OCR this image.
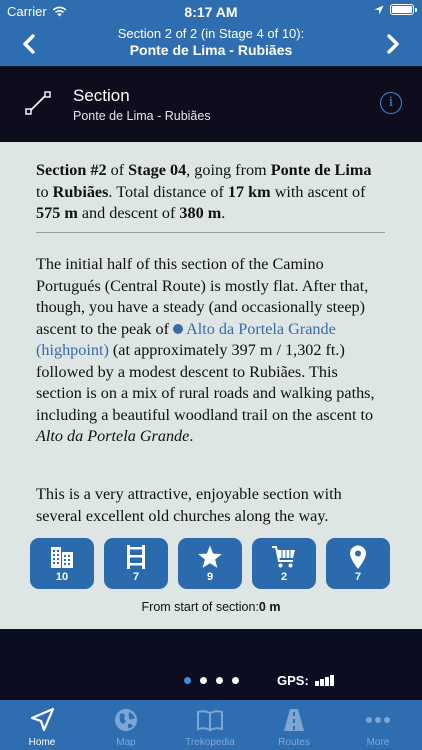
Carrier	8:17 AM
Section 2 of 2 (in Stage 4 of 10):
Ponte de Lima - Rubiães
Section
Ponte de Lima - Rubiães
i

Section #2 of Stage 04, going from Ponte de Lima to Rubiães. Total distance of 17 km with ascent of 575 m and descent of 380 m.

The initial half of this section of the Camino Portugués (Central Route) is mostly flat. After that, though, you have a steady (and occasionally steep) ascent to the peak of Alto da Portela Grande (highpoint) (at approximately 397 m / 1,302 ft.) followed by a modest descent to Rubiães. This section is on a mix of rural roads and walking paths, including a beautiful woodland trail on the ascent to Alto da Portela Grande.

This is a very attractive, enjoyable section with several excellent old churches along the way.

10	7	9	2	7
From start of section:0 m
GPS:
Home	Map	Trekopedia	Routes	More
